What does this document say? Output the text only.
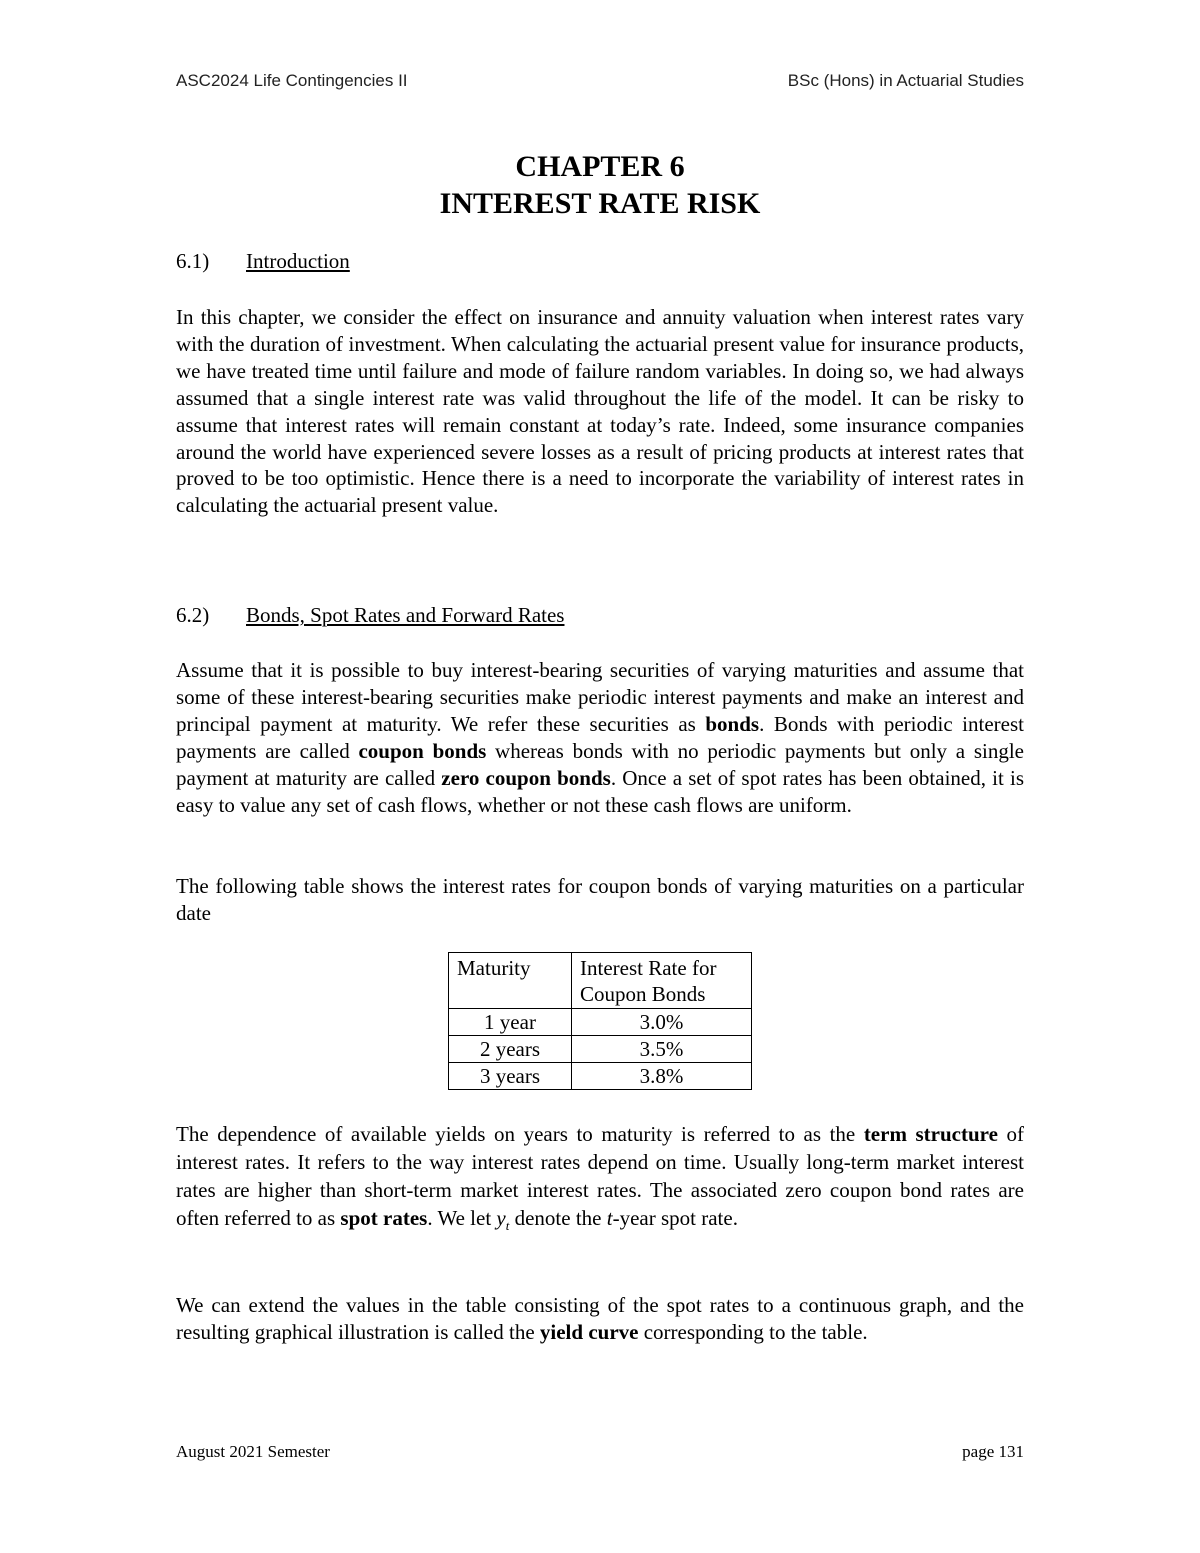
ASC2024 Life Contingencies II	BSc (Hons) in Actuarial Studies
CHAPTER 6
INTEREST RATE RISK
6.1) Introduction

In this chapter, we consider the effect on insurance and annuity valuation when interest rates vary with the duration of investment. When calculating the actuarial present value for insurance products, we have treated time until failure and mode of failure random variables. In doing so, we had always assumed that a single interest rate was valid throughout the life of the model. It can be risky to assume that interest rates will remain constant at today’s rate. Indeed, some insurance companies around the world have experienced severe losses as a result of pricing products at interest rates that proved to be too optimistic. Hence there is a need to incorporate the variability of interest rates in calculating the actuarial present value.

6.2) Bonds, Spot Rates and Forward Rates

Assume that it is possible to buy interest-bearing securities of varying maturities and assume that some of these interest-bearing securities make periodic interest payments and make an interest and principal payment at maturity. We refer these securities as bonds. Bonds with periodic interest payments are called coupon bonds whereas bonds with no periodic payments but only a single payment at maturity are called zero coupon bonds. Once a set of spot rates has been obtained, it is easy to value any set of cash flows, whether or not these cash flows are uniform.

The following table shows the interest rates for coupon bonds of varying maturities on a particular date

Maturity	Interest Rate for Coupon Bonds
1 year	3.0%
2 years	3.5%
3 years	3.8%

The dependence of available yields on years to maturity is referred to as the term structure of interest rates. It refers to the way interest rates depend on time. Usually long-term market interest rates are higher than short-term market interest rates. The associated zero coupon bond rates are often referred to as spot rates. We let $y_t$ denote the t-year spot rate.

We can extend the values in the table consisting of the spot rates to a continuous graph, and the resulting graphical illustration is called the yield curve corresponding to the table.

August 2021 Semester	page 131
